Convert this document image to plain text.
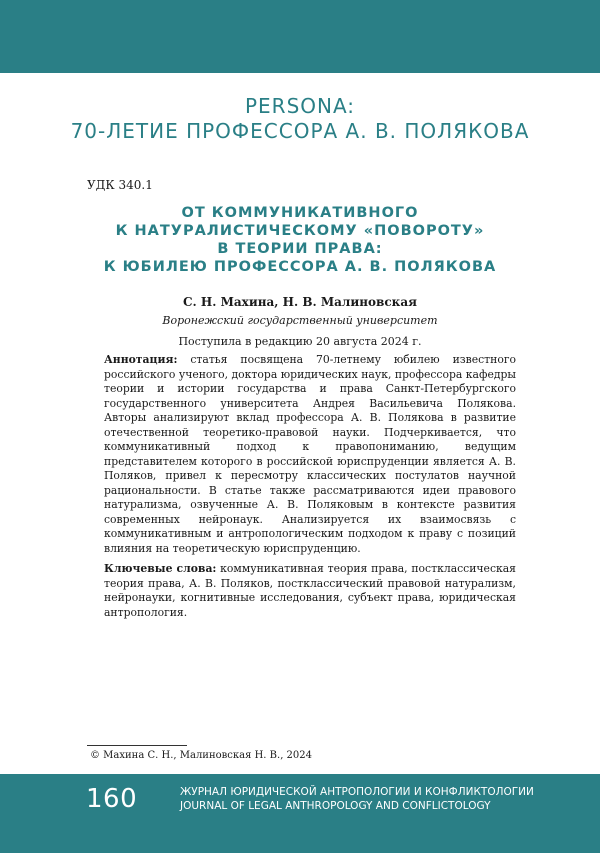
PERSONA:
70-ЛЕТИЕ ПРОФЕССОРА А. В. ПОЛЯКОВА
УДК 340.1
ОТ КОММУНИКАТИВНОГО
К НАТУРАЛИСТИЧЕСКОМУ «ПОВОРОТУ»
В ТЕОРИИ ПРАВА:
К ЮБИЛЕЮ ПРОФЕССОРА А. В. ПОЛЯКОВА
С. Н. Махина, Н. В. Малиновская
Воронежский государственный университет
Поступила в редакцию 20 августа 2024 г.

Аннотация: статья посвящена 70-летнему юбилею известного российского ученого, доктора юридических наук, профессора кафедры теории и истории государства и права Санкт-Петербургского государственного университета Андрея Васильевича Полякова. Авторы анализируют вклад профессора А. В. Полякова в развитие отечественной теоретико-правовой науки. Подчеркивается, что коммуникативный подход к правопониманию, ведущим представителем которого в российской юриспруденции является А. В. Поляков, привел к пересмотру классических постулатов научной рациональности. В статье также рассматриваются идеи правового натурализма, озвученные А. В. Поляковым в контексте развития современных нейронаук. Анализируется их взаимосвязь с коммуникативным и антропологическим подходом к праву с позиций влияния на теоретическую юриспруденцию.

Ключевые слова: коммуникативная теория права, постклассическая теория права, А. В. Поляков, постклассический правовой натурализм, нейронауки, когнитивные исследования, субъект права, юридическая антропология.

© Махина С. Н., Малиновская Н. В., 2024
160	ЖУРНАЛ ЮРИДИЧЕСКОЙ АНТРОПОЛОГИИ И КОНФЛИКТОЛОГИИ
JOURNAL OF LEGAL ANTHROPOLOGY AND CONFLICTOLOGY
